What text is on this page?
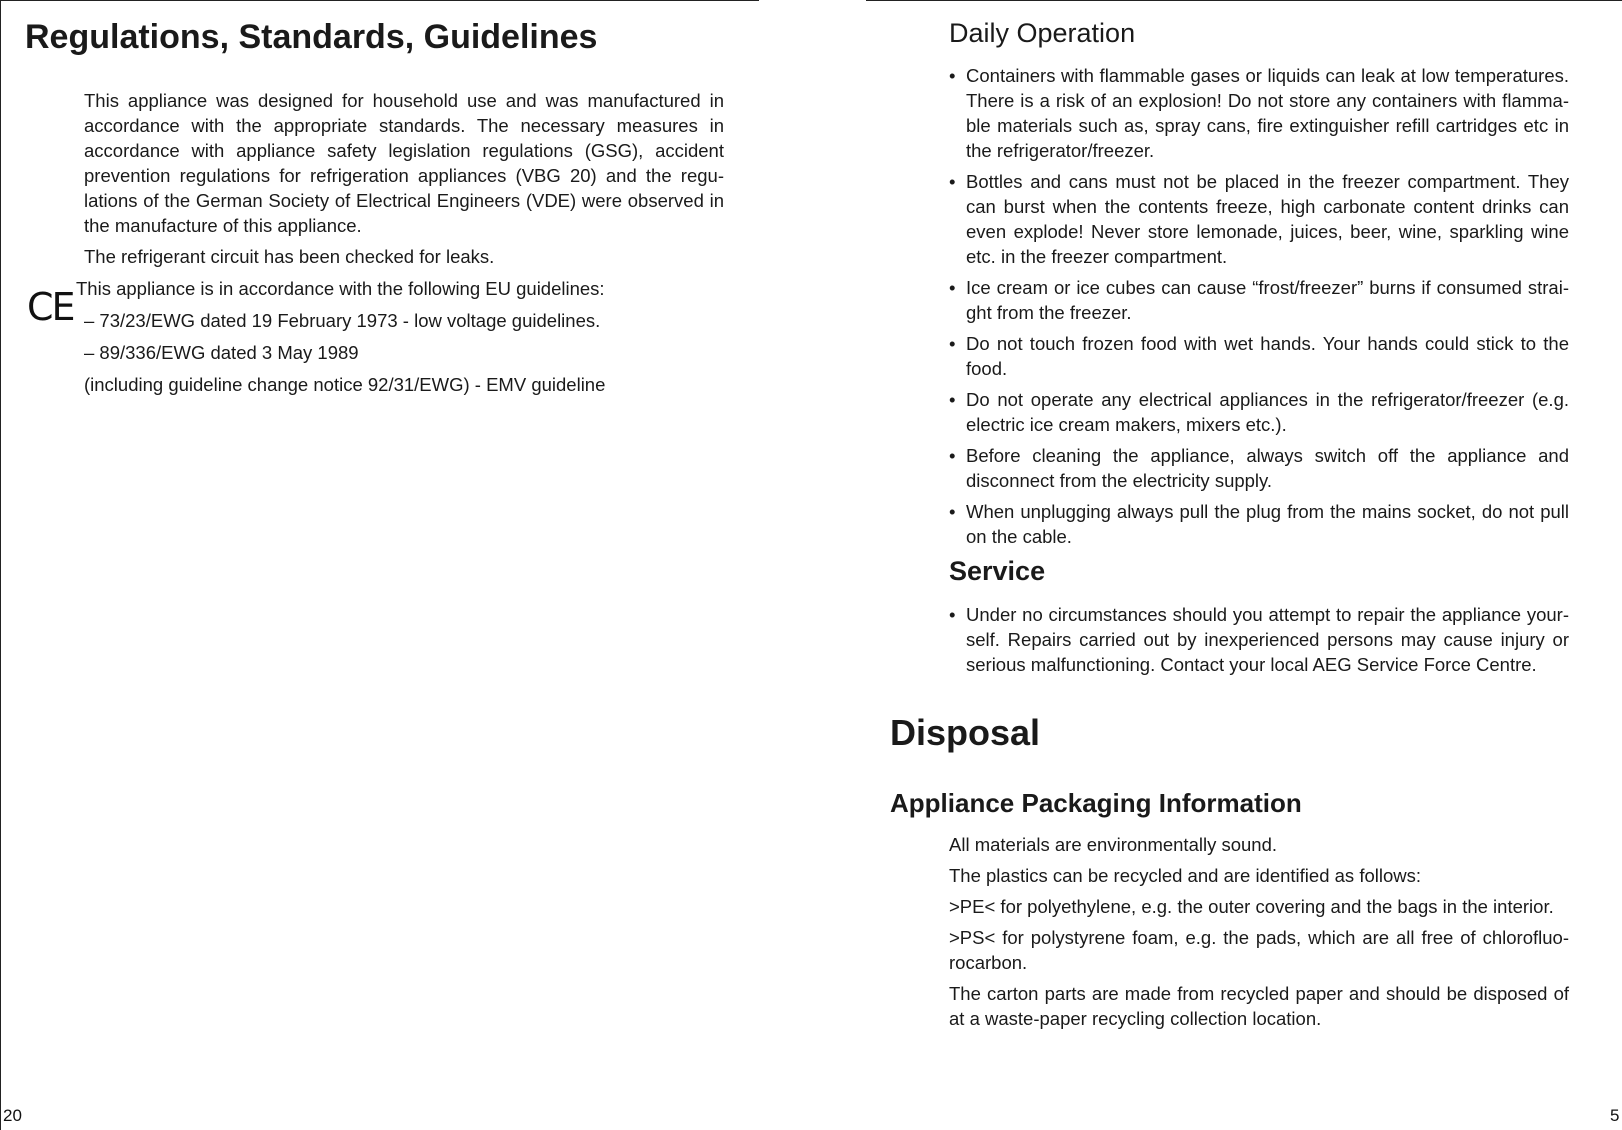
Regulations, Standards, Guidelines

This appliance was designed for household use and was manufactured in accordance with the appropriate standards. The necessary measures in accordance with appliance safety legislation regulations (GSG), accident prevention regulations for refrigeration appliances (VBG 20) and the regu-lations of the German Society of Electrical Engineers (VDE) were observed in the manufacture of this appliance.

The refrigerant circuit has been checked for leaks.

This appliance is in accordance with the following EU guidelines:

– 73/23/EWG dated 19 February 1973 - low voltage guidelines.

– 89/336/EWG dated 3 May 1989

(including guideline change notice 92/31/EWG) - EMV guideline

CE
20
Daily Operation
• Containers with flammable gases or liquids can leak at low temperatures. There is a risk of an explosion! Do not store any containers with flamma-ble materials such as, spray cans, fire extinguisher refill cartridges etc in the refrigerator/freezer.
• Bottles and cans must not be placed in the freezer compartment. They can burst when the contents freeze, high carbonate content drinks can even explode! Never store lemonade, juices, beer, wine, sparkling wine etc. in the freezer compartment.
• Ice cream or ice cubes can cause “frost/freezer” burns if consumed strai-ght from the freezer.
• Do not touch frozen food with wet hands. Your hands could stick to the food.
• Do not operate any electrical appliances in the refrigerator/freezer (e.g. electric ice cream makers, mixers etc.).
• Before cleaning the appliance, always switch off the appliance and disconnect from the electricity supply.
• When unplugging always pull the plug from the mains socket, do not pull on the cable.
Service
• Under no circumstances should you attempt to repair the appliance your-self. Repairs carried out by inexperienced persons may cause injury or serious malfunctioning. Contact your local AEG Service Force Centre.
Disposal
Appliance Packaging Information

All materials are environmentally sound.

The plastics can be recycled and are identified as follows:

>PE< for polyethylene, e.g. the outer covering and the bags in the interior.

>PS< for polystyrene foam, e.g. the pads, which are all free of chlorofluo-rocarbon.

The carton parts are made from recycled paper and should be disposed of at a waste-paper recycling collection location.

5
